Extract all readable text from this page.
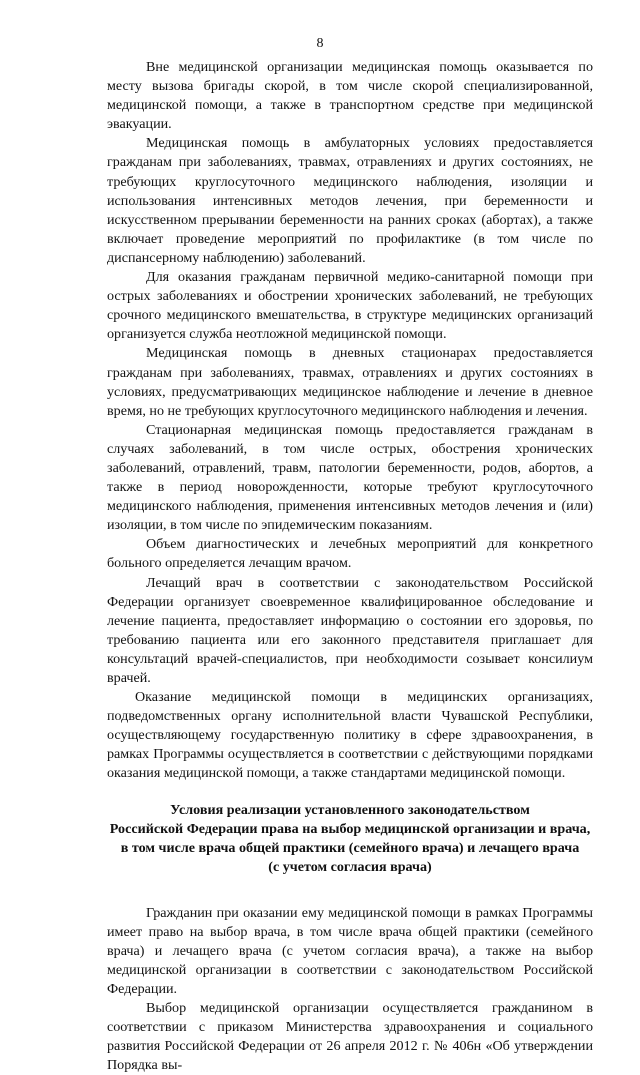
8

Вне медицинской организации медицинская помощь оказывается по месту вызова бригады скорой, в том числе скорой специализированной, медицинской помощи, а также в транспортном средстве при медицинской эвакуации.

Медицинская помощь в амбулаторных условиях предоставляется гражданам при заболеваниях, травмах, отравлениях и других состояниях, не требующих круглосуточного медицинского наблюдения, изоляции и использования интенсивных методов лечения, при беременности и искусственном прерывании беременности на ранних сроках (абортах), а также включает проведение мероприятий по профилактике (в том числе по диспансерному наблюдению) заболеваний.

Для оказания гражданам первичной медико-санитарной помощи при острых заболеваниях и обострении хронических заболеваний, не требующих срочного медицинского вмешательства, в структуре медицинских организаций организуется служба неотложной медицинской помощи.

Медицинская помощь в дневных стационарах предоставляется гражданам при заболеваниях, травмах, отравлениях и других состояниях в условиях, предусматривающих медицинское наблюдение и лечение в дневное время, но не требующих круглосуточного медицинского наблюдения и лечения.

Стационарная медицинская помощь предоставляется гражданам в случаях заболеваний, в том числе острых, обострения хронических заболеваний, отравлений, травм, патологии беременности, родов, абортов, а также в период новорожденности, которые требуют круглосуточного медицинского наблюдения, применения интенсивных методов лечения и (или) изоляции, в том числе по эпидемическим показаниям.

Объем диагностических и лечебных мероприятий для конкретного больного определяется лечащим врачом.

Лечащий врач в соответствии с законодательством Российской Федерации организует своевременное квалифицированное обследование и лечение пациента, предоставляет информацию о состоянии его здоровья, по требованию пациента или его законного представителя приглашает для консультаций врачей-специалистов, при необходимости созывает консилиум врачей.

Оказание медицинской помощи в медицинских организациях, подведомственных органу исполнительной власти Чувашской Республики, осуществляющему государственную политику в сфере здравоохранения, в рамках Программы осуществляется в соответствии с действующими порядками оказания медицинской помощи, а также стандартами медицинской помощи.

Условия реализации установленного законодательством
Российской Федерации права на выбор медицинской организации и врача,
в том числе врача общей практики (семейного врача) и лечащего врача
(с учетом согласия врача)

Гражданин при оказании ему медицинской помощи в рамках Программы имеет право на выбор врача, в том числе врача общей практики (семейного врача) и лечащего врача (с учетом согласия врача), а также на выбор медицинской организации в соответствии с законодательством Российской Федерации.

Выбор медицинской организации осуществляется гражданином в соответствии с приказом Министерства здравоохранения и социального развития Российской Федерации от 26 апреля 2012 г. № 406н «Об утверждении Порядка вы-
